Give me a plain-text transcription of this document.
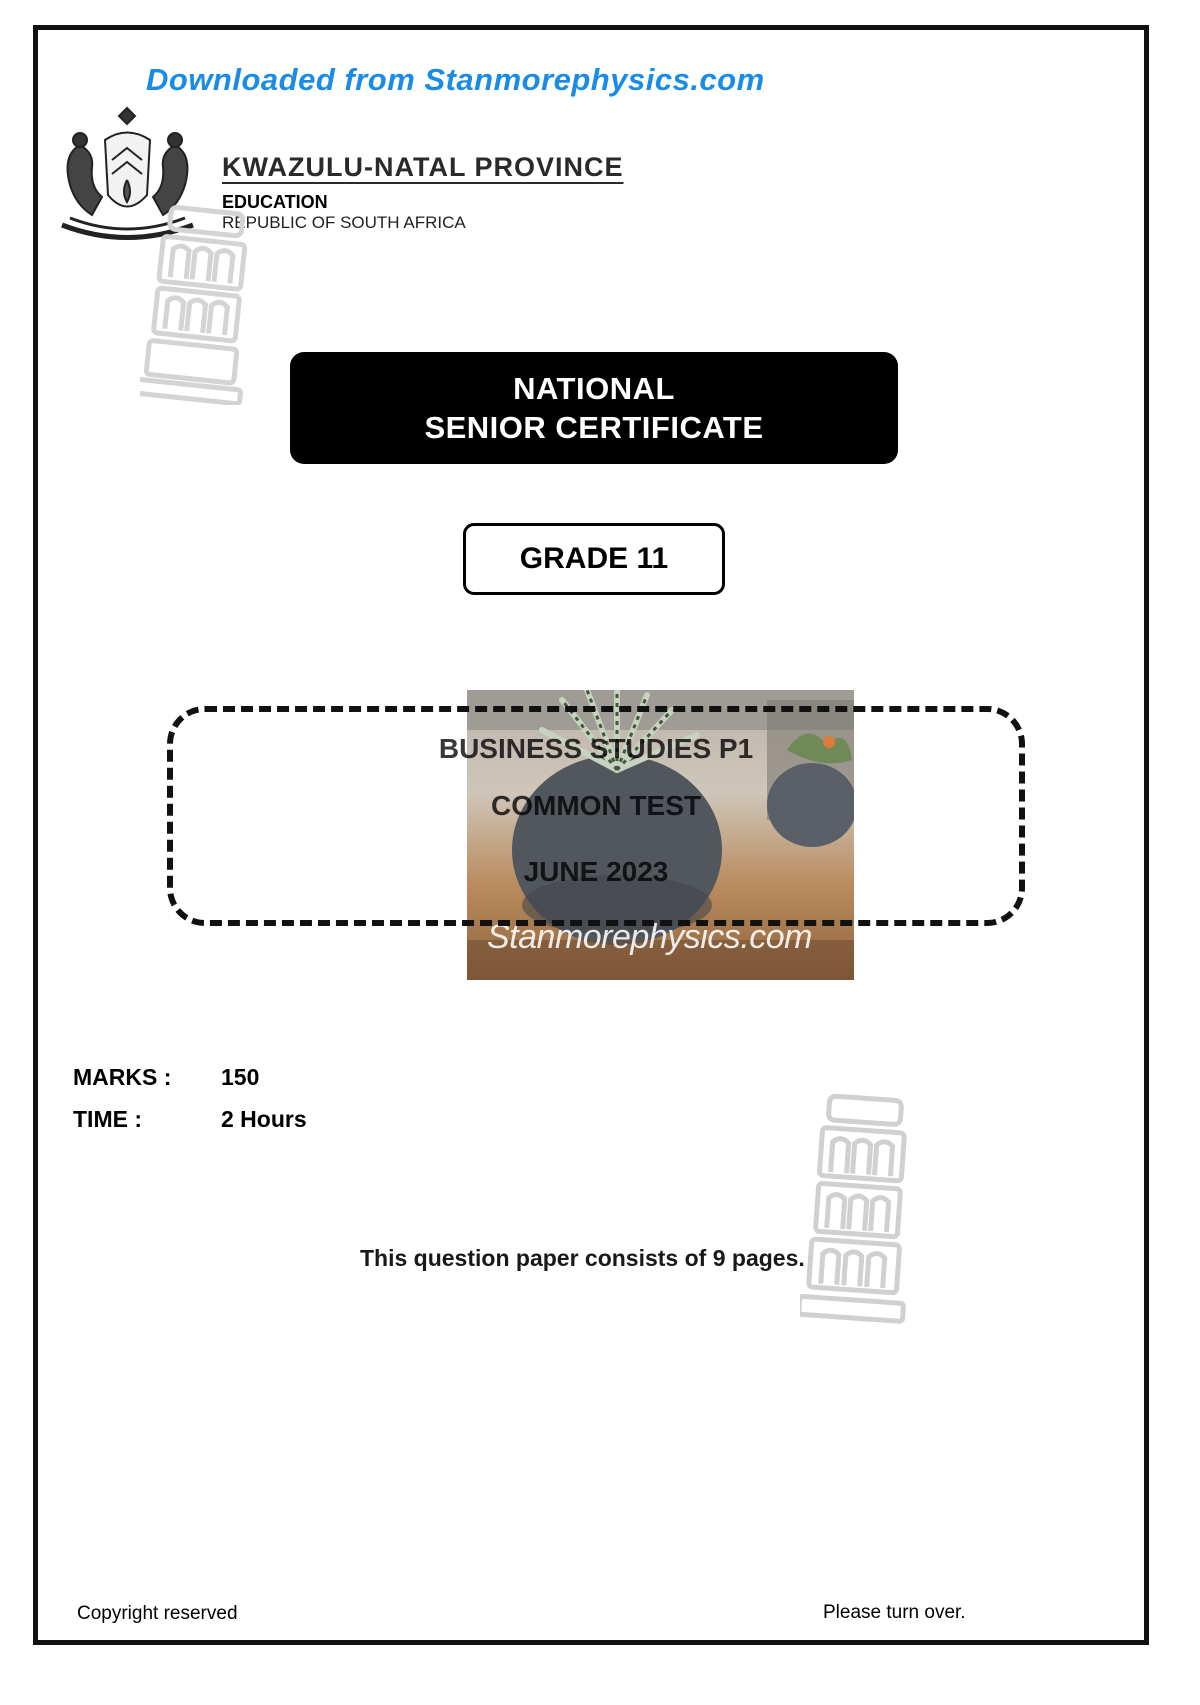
Downloaded from Stanmorephysics.com
KWAZULU-NATAL PROVINCE
EDUCATION
REPUBLIC OF SOUTH AFRICA
NATIONAL
SENIOR CERTIFICATE
GRADE 11
Stanmorephysics.com
BUSINESS STUDIES P1
COMMON TEST
JUNE 2023
MARKS : 150
TIME :	2 Hours
This question paper consists of 9 pages.
Copyright reserved	Please turn over.
